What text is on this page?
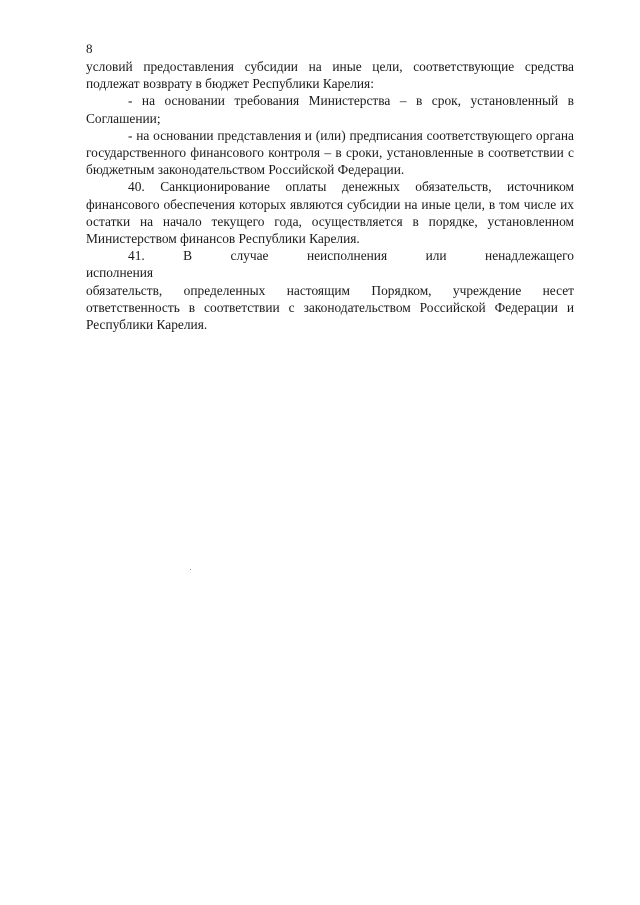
8

условий предоставления субсидии на иные цели, соответствующие средства подлежат возврату в бюджет Республики Карелия:

- на основании требования Министерства – в срок, установленный в Соглашении;

- на основании представления и (или) предписания соответствующего органа государственного финансового контроля – в сроки, установленные в соответствии с бюджетным законодательством Российской Федерации.

40. Санкционирование оплаты денежных обязательств, источником финансового обеспечения которых являются субсидии на иные цели, в том числе их остатки на начало текущего года, осуществляется в порядке, установленном Министерством финансов Республики Карелия.

41. В случае неисполнения или ненадлежащего исполнения
обязательств, определенных настоящим Порядком, учреждение несет ответственность в соответствии с законодательством Российской Федерации и Республики Карелия.
